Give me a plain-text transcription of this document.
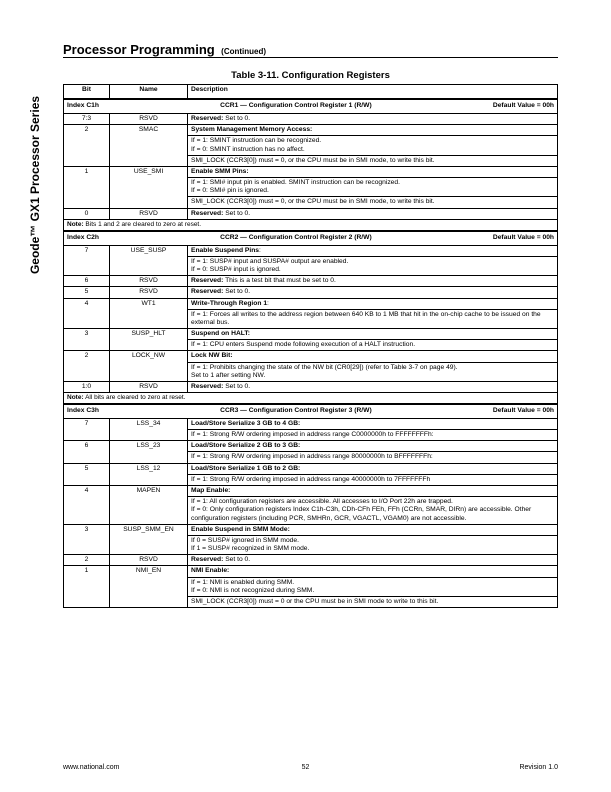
Geode™ GX1 Processor Series
Processor Programming (Continued)
Table 3-11. Configuration Registers
Bit	Name	Description

Index C1h CCR1 — Configuration Control Register 1 (R/W) Default Value = 00h		

7:3	RSVD	Reserved: Set to 0.

2	SMAC	System Management Memory Access:
If = 1: SMINT instruction can be recognized.
If = 0: SMINT instruction has no affect.
SMI_LOCK (CCR3[0]) must = 0, or the CPU must be in SMI mode, to write this bit.

1	USE_SMI	Enable SMM Pins:
If = 1: SMI# input pin is enabled. SMINT instruction can be recognized.
If = 0: SMI# pin is ignored.
SMI_LOCK (CCR3[0]) must = 0, or the CPU must be in SMI mode, to write this bit.

0	RSVD	Reserved: Set to 0.

Note: Bits 1 and 2 are cleared to zero at reset.		

Index C2h CCR2 — Configuration Control Register 2 (R/W) Default Value = 00h		

7	USE_SUSP	Enable Suspend Pins:
If = 1: SUSP# input and SUSPA# output are enabled.
If = 0: SUSP# input is ignored.

6	RSVD	Reserved: This is a test bit that must be set to 0.

5	RSVD	Reserved: Set to 0.

4	WT1	Write-Through Region 1:
If = 1: Forces all writes to the address region between 640 KB to 1 MB that hit in the on-chip cache to be issued on the external bus.

3	SUSP_HLT	Suspend on HALT:
If = 1: CPU enters Suspend mode following execution of a HALT instruction.

2	LOCK_NW	Lock NW Bit:
If = 1: Prohibits changing the state of the NW bit (CR0[29]) (refer to Table 3-7 on page 49).
Set to 1 after setting NW.

1:0	RSVD	Reserved: Set to 0.

Note: All bits are cleared to zero at reset.		

Index C3h CCR3 — Configuration Control Register 3 (R/W) Default Value = 00h		

7	LSS_34	Load/Store Serialize 3 GB to 4 GB:
If = 1: Strong R/W ordering imposed in address range C0000000h to FFFFFFFFh:

6	LSS_23	Load/Store Serialize 2 GB to 3 GB:
If = 1: Strong R/W ordering imposed in address range 80000000h to BFFFFFFFh:

5	LSS_12	Load/Store Serialize 1 GB to 2 GB:
If = 1: Strong R/W ordering imposed in address range 40000000h to 7FFFFFFFh

4	MAPEN	Map Enable:
If = 1: All configuration registers are accessible. All accesses to I/O Port 22h are trapped.
If = 0: Only configuration registers Index C1h-C3h, CDh-CFh FEh, FFh (CCRn, SMAR, DIRn) are accessible. Other configuration registers (including PCR, SMHRn, GCR, VGACTL, VGAM0) are not accessible.

3	SUSP_SMM_EN	Enable Suspend in SMM Mode:
If 0 = SUSP# ignored in SMM mode.
If 1 = SUSP# recognized in SMM mode.

2	RSVD	Reserved: Set to 0.

1	NMI_EN	NMI Enable:
If = 1: NMI is enabled during SMM.
If = 0: NMI is not recognized during SMM.
SMI_LOCK (CCR3[0]) must = 0 or the CPU must be in SMI mode to write to this bit.
www.national.com	52	Revision 1.0
